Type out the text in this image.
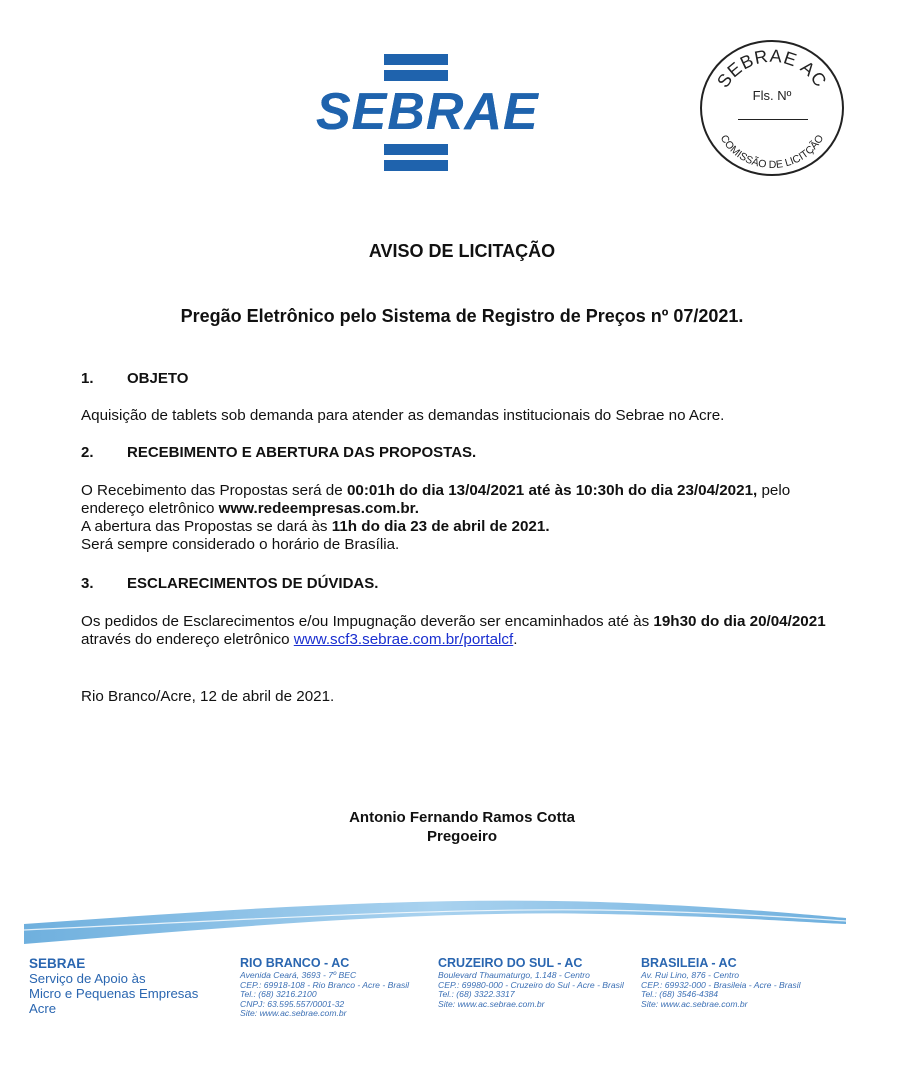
SEBRAE
SEBRAE AC
COMISSÃO DE LICITÇÃO
Fls. Nº
AVISO DE LICITAÇÃO
Pregão Eletrônico pelo Sistema de Registro de Preços nº 07/2021.
1. OBJETO
Aquisição de tablets sob demanda para atender as demandas institucionais do Sebrae no Acre.
2. RECEBIMENTO E ABERTURA DAS PROPOSTAS.
O Recebimento das Propostas será de 00:01h do dia 13/04/2021 até às 10:30h do dia 23/04/2021, pelo endereço eletrônico www.redeempresas.com.br.
A abertura das Propostas se dará às 11h do dia 23 de abril de 2021.
Será sempre considerado o horário de Brasília.
3. ESCLARECIMENTOS DE DÚVIDAS.
Os pedidos de Esclarecimentos e/ou Impugnação deverão ser encaminhados até às 19h30 do dia 20/04/2021 através do endereço eletrônico www.scf3.sebrae.com.br/portalcf.
Rio Branco/Acre, 12 de abril de 2021.
Antonio Fernando Ramos Cotta
Pregoeiro
SEBRAE
Serviço de Apoio às
Micro e Pequenas Empresas
Acre
RIO BRANCO - AC
Avenida Ceará, 3693 - 7º BEC
CEP.: 69918-108 - Rio Branco - Acre - Brasil
Tel.: (68) 3216.2100
CNPJ: 63.595.557/0001-32
Site: www.ac.sebrae.com.br
CRUZEIRO DO SUL - AC
Boulevard Thaumaturgo, 1.148 - Centro
CEP.: 69980-000 - Cruzeiro do Sul - Acre - Brasil
Tel.: (68) 3322.3317
Site: www.ac.sebrae.com.br
BRASILEIA - AC
Av. Rui Lino, 876 - Centro
CEP.: 69932-000 - Brasileia - Acre - Brasil
Tel.: (68) 3546-4384
Site: www.ac.sebrae.com.br
